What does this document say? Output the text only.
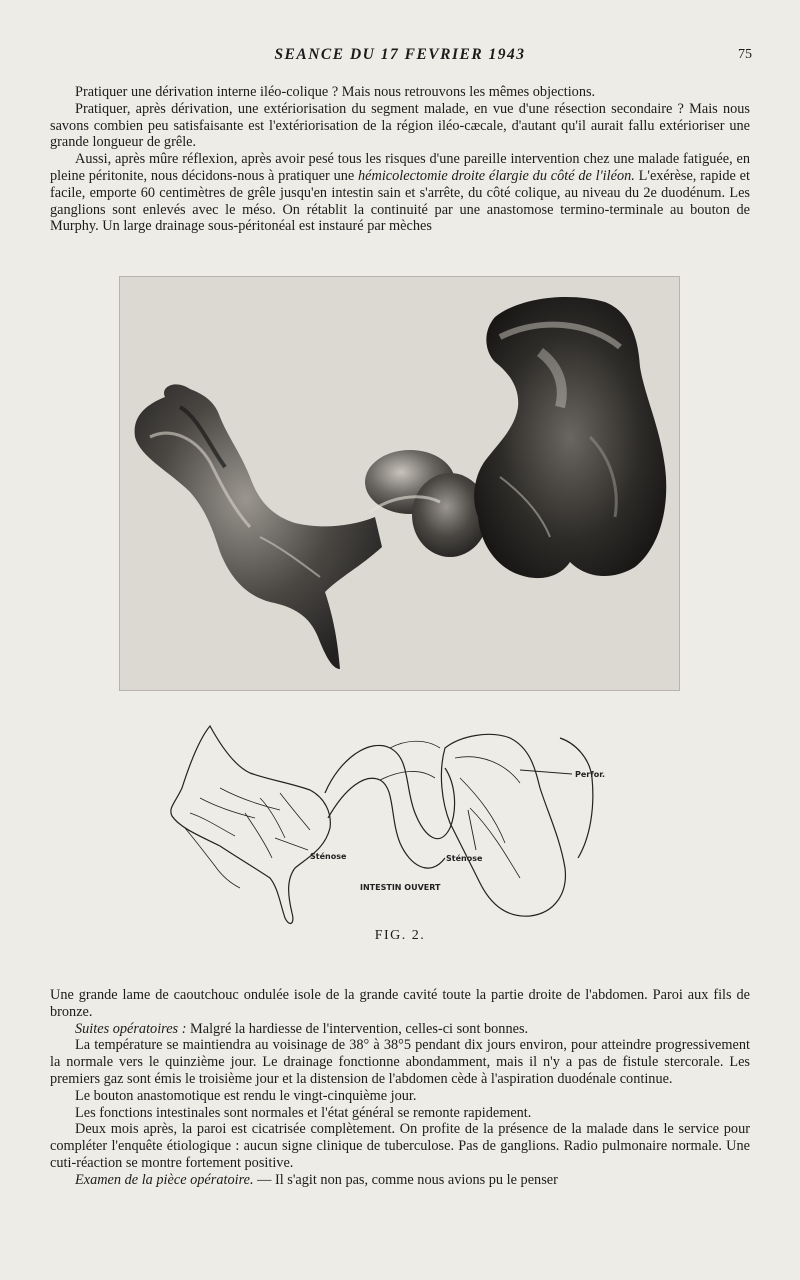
SEANCE DU 17 FEVRIER 1943	75

Pratiquer une dérivation interne iléo-colique ? Mais nous retrouvons les mêmes objections.

Pratiquer, après dérivation, une extériorisation du segment malade, en vue d'une résection secondaire ? Mais nous savons combien peu satisfaisante est l'extériorisation de la région iléo-cæcale, d'autant qu'il aurait fallu extérioriser une grande longueur de grêle.

Aussi, après mûre réflexion, après avoir pesé tous les risques d'une pareille intervention chez une malade fatiguée, en pleine péritonite, nous décidons-nous à pratiquer une hémicolectomie droite élargie du côté de l'iléon. L'exérèse, rapide et facile, emporte 60 centimètres de grêle jusqu'en intestin sain et s'arrête, du côté colique, au niveau du 2e duodénum. Les ganglions sont enlevés avec le méso. On rétablit la continuité par une anastomose termino-terminale au bouton de Murphy. Un large drainage sous-péritonéal est instauré par mèches

Perfor.
Sténose	Sténose
INTESTIN OUVERT
FIG. 2.

Une grande lame de caoutchouc ondulée isole de la grande cavité toute la partie droite de l'abdomen. Paroi aux fils de bronze.

Suites opératoires : Malgré la hardiesse de l'intervention, celles-ci sont bonnes.

La température se maintiendra au voisinage de 38° à 38°5 pendant dix jours environ, pour atteindre progressivement la normale vers le quinzième jour. Le drainage fonctionne abondamment, mais il n'y a pas de fistule stercorale. Les premiers gaz sont émis le troisième jour et la distension de l'abdomen cède à l'aspiration duodénale continue.

Le bouton anastomotique est rendu le vingt-cinquième jour.

Les fonctions intestinales sont normales et l'état général se remonte rapidement.

Deux mois après, la paroi est cicatrisée complètement. On profite de la présence de la malade dans le service pour compléter l'enquête étiologique : aucun signe clinique de tuberculose. Pas de ganglions. Radio pulmonaire normale. Une cuti-réaction se montre fortement positive.

Examen de la pièce opératoire. — Il s'agit non pas, comme nous avions pu le penser
